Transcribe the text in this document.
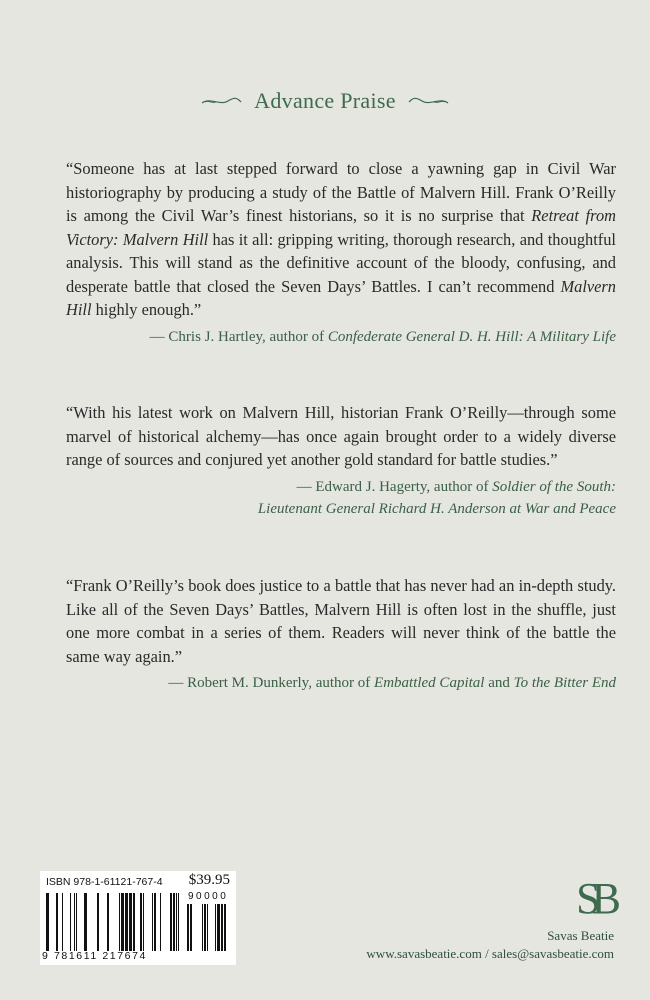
Advance Praise

“Someone has at last stepped forward to close a yawning gap in Civil War historiography by producing a study of the Battle of Malvern Hill. Frank O’Reilly is among the Civil War’s finest historians, so it is no surprise that Retreat from Victory: Malvern Hill has it all: gripping writing, thorough research, and thoughtful analysis. This will stand as the definitive account of the bloody, confusing, and desperate battle that closed the Seven Days’ Battles. I can’t recommend Malvern Hill highly enough.”

— Chris J. Hartley, author of Confederate General D. H. Hill: A Military Life

“With his latest work on Malvern Hill, historian Frank O’Reilly—through some marvel of historical alchemy—has once again brought order to a widely diverse range of sources and conjured yet another gold standard for battle studies.”

— Edward J. Hagerty, author of Soldier of the South:
Lieutenant General Richard H. Anderson at War and Peace

“Frank O’Reilly’s book does justice to a battle that has never had an in-depth study. Like all of the Seven Days’ Battles, Malvern Hill is often lost in the shuffle, just one more combat in a series of them. Readers will never think of the battle the same way again.”

— Robert M. Dunkerly, author of Embattled Capital and To the Bitter End
ISBN 978-1-61121-767-4 $39.95
90000
9 781611 217674
SB
Savas Beatie
www.savasbeatie.com / sales@savasbeatie.com
